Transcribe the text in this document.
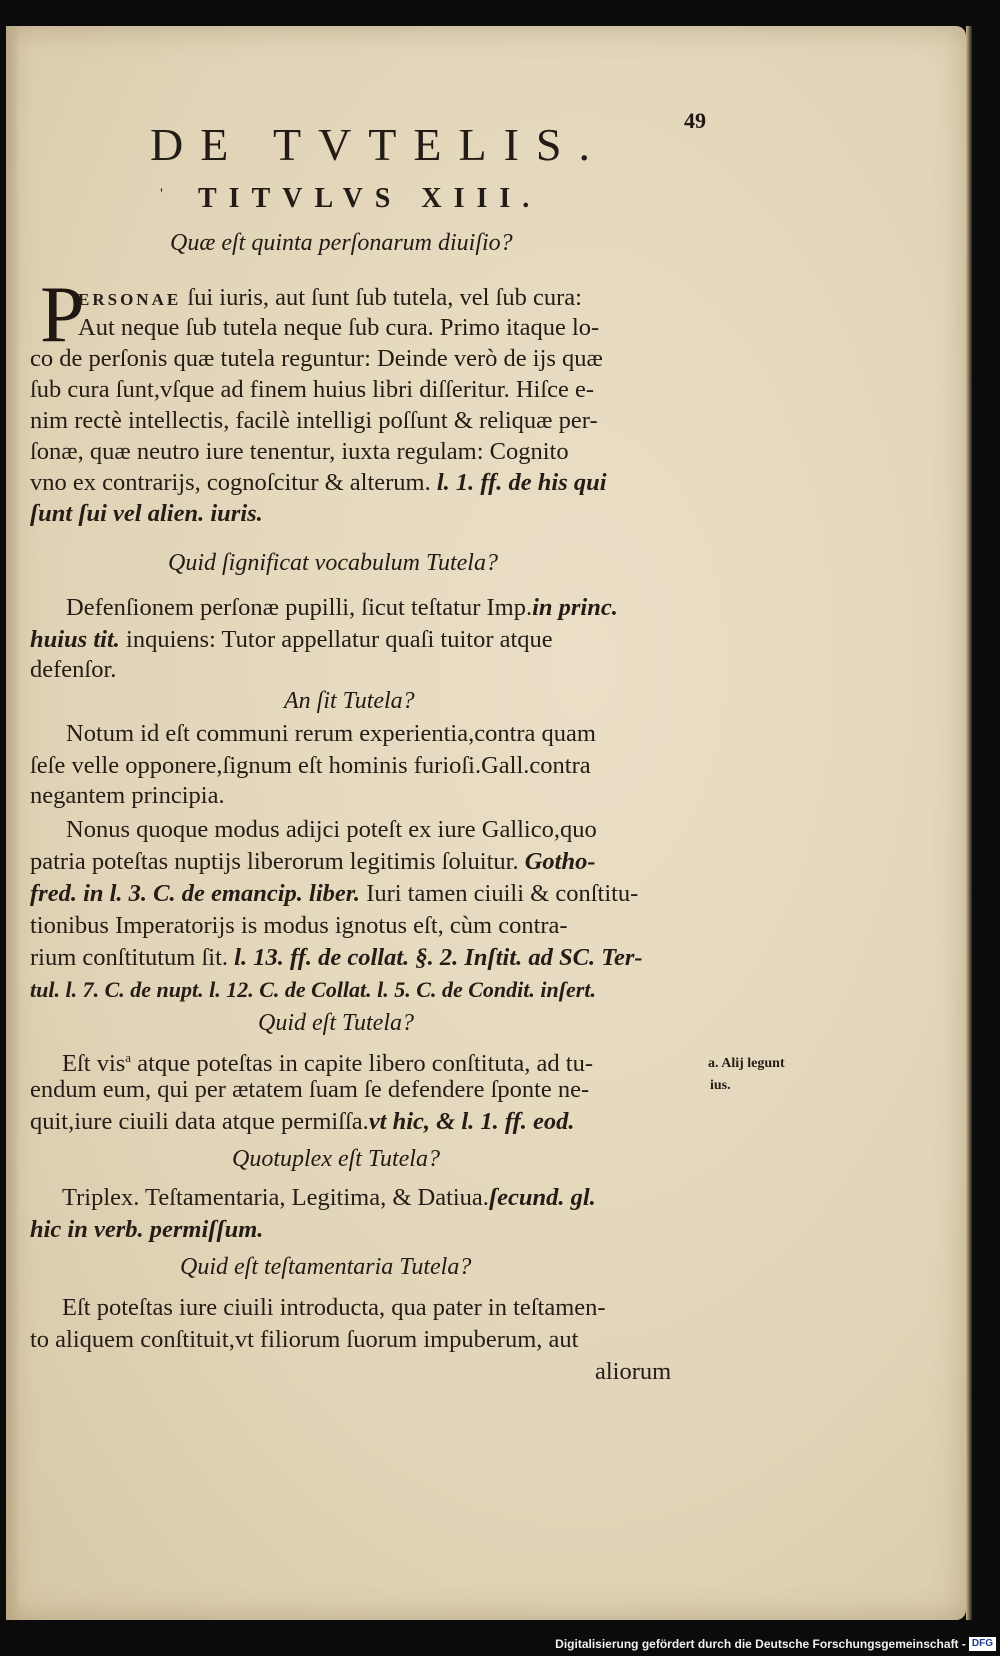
49
DE TVTELIS.
' TITVLVS XIII.
Quæ eſt quinta perſonarum diuiſio?
P
ERSONAE ſui iuris, aut ſunt ſub tutela, vel ſub cura:
Aut neque ſub tutela neque ſub cura. Primo itaque lo-
co de perſonis quæ tutela reguntur: Deinde verò de ijs quæ
ſub cura ſunt,vſque ad finem huius libri diſſeritur. Hiſce e-
nim rectè intellectis, facilè intelligi poſſunt & reliquæ per-
ſonæ, quæ neutro iure tenentur, iuxta regulam: Cognito
vno ex contrarijs, cognoſcitur & alterum. l. 1. ff. de his qui
ſunt ſui vel alien. iuris.
Quid ſignificat vocabulum Tutela?
Defenſionem perſonæ pupilli, ſicut teſtatur Imp.in princ.
huius tit. inquiens: Tutor appellatur quaſi tuitor atque
defenſor.
An ſit Tutela?
Notum id eſt communi rerum experientia,contra quam
ſeſe velle opponere,ſignum eſt hominis furioſi.Gall.contra
negantem principia.
Nonus quoque modus adijci poteſt ex iure Gallico,quo
patria poteſtas nuptijs liberorum legitimis ſoluitur. Gotho-
fred. in l. 3. C. de emancip. liber. Iuri tamen ciuili & conſtitu-
tionibus Imperatorijs is modus ignotus eſt, cùm contra-
rium conſtitutum ſit. l. 13. ff. de collat. §. 2. Inſtit. ad SC. Ter-
tul. l. 7. C. de nupt. l. 12. C. de Collat. l. 5. C. de Condit. inſert.
Quid eſt Tutela?
Eſt vis$^a$ atque poteſtas in capite libero conſtituta, ad tu-
endum eum, qui per ætatem ſuam ſe defendere ſponte ne-
quit,iure ciuili data atque permiſſa.vt hic, & l. 1. ff. eod.
a. Alij legunt
ius.
Quotuplex eſt Tutela?
Triplex. Teſtamentaria, Legitima, & Datiua.ſecund. gl.
hic in verb. permiſſum.
Quid eſt teſtamentaria Tutela?
Eſt poteſtas iure ciuili introducta, qua pater in teſtamen-
to aliquem conſtituit,vt filiorum ſuorum impuberum, aut
aliorum
Digitalisierung gefördert durch die Deutsche Forschungsgemeinschaft - DFG
